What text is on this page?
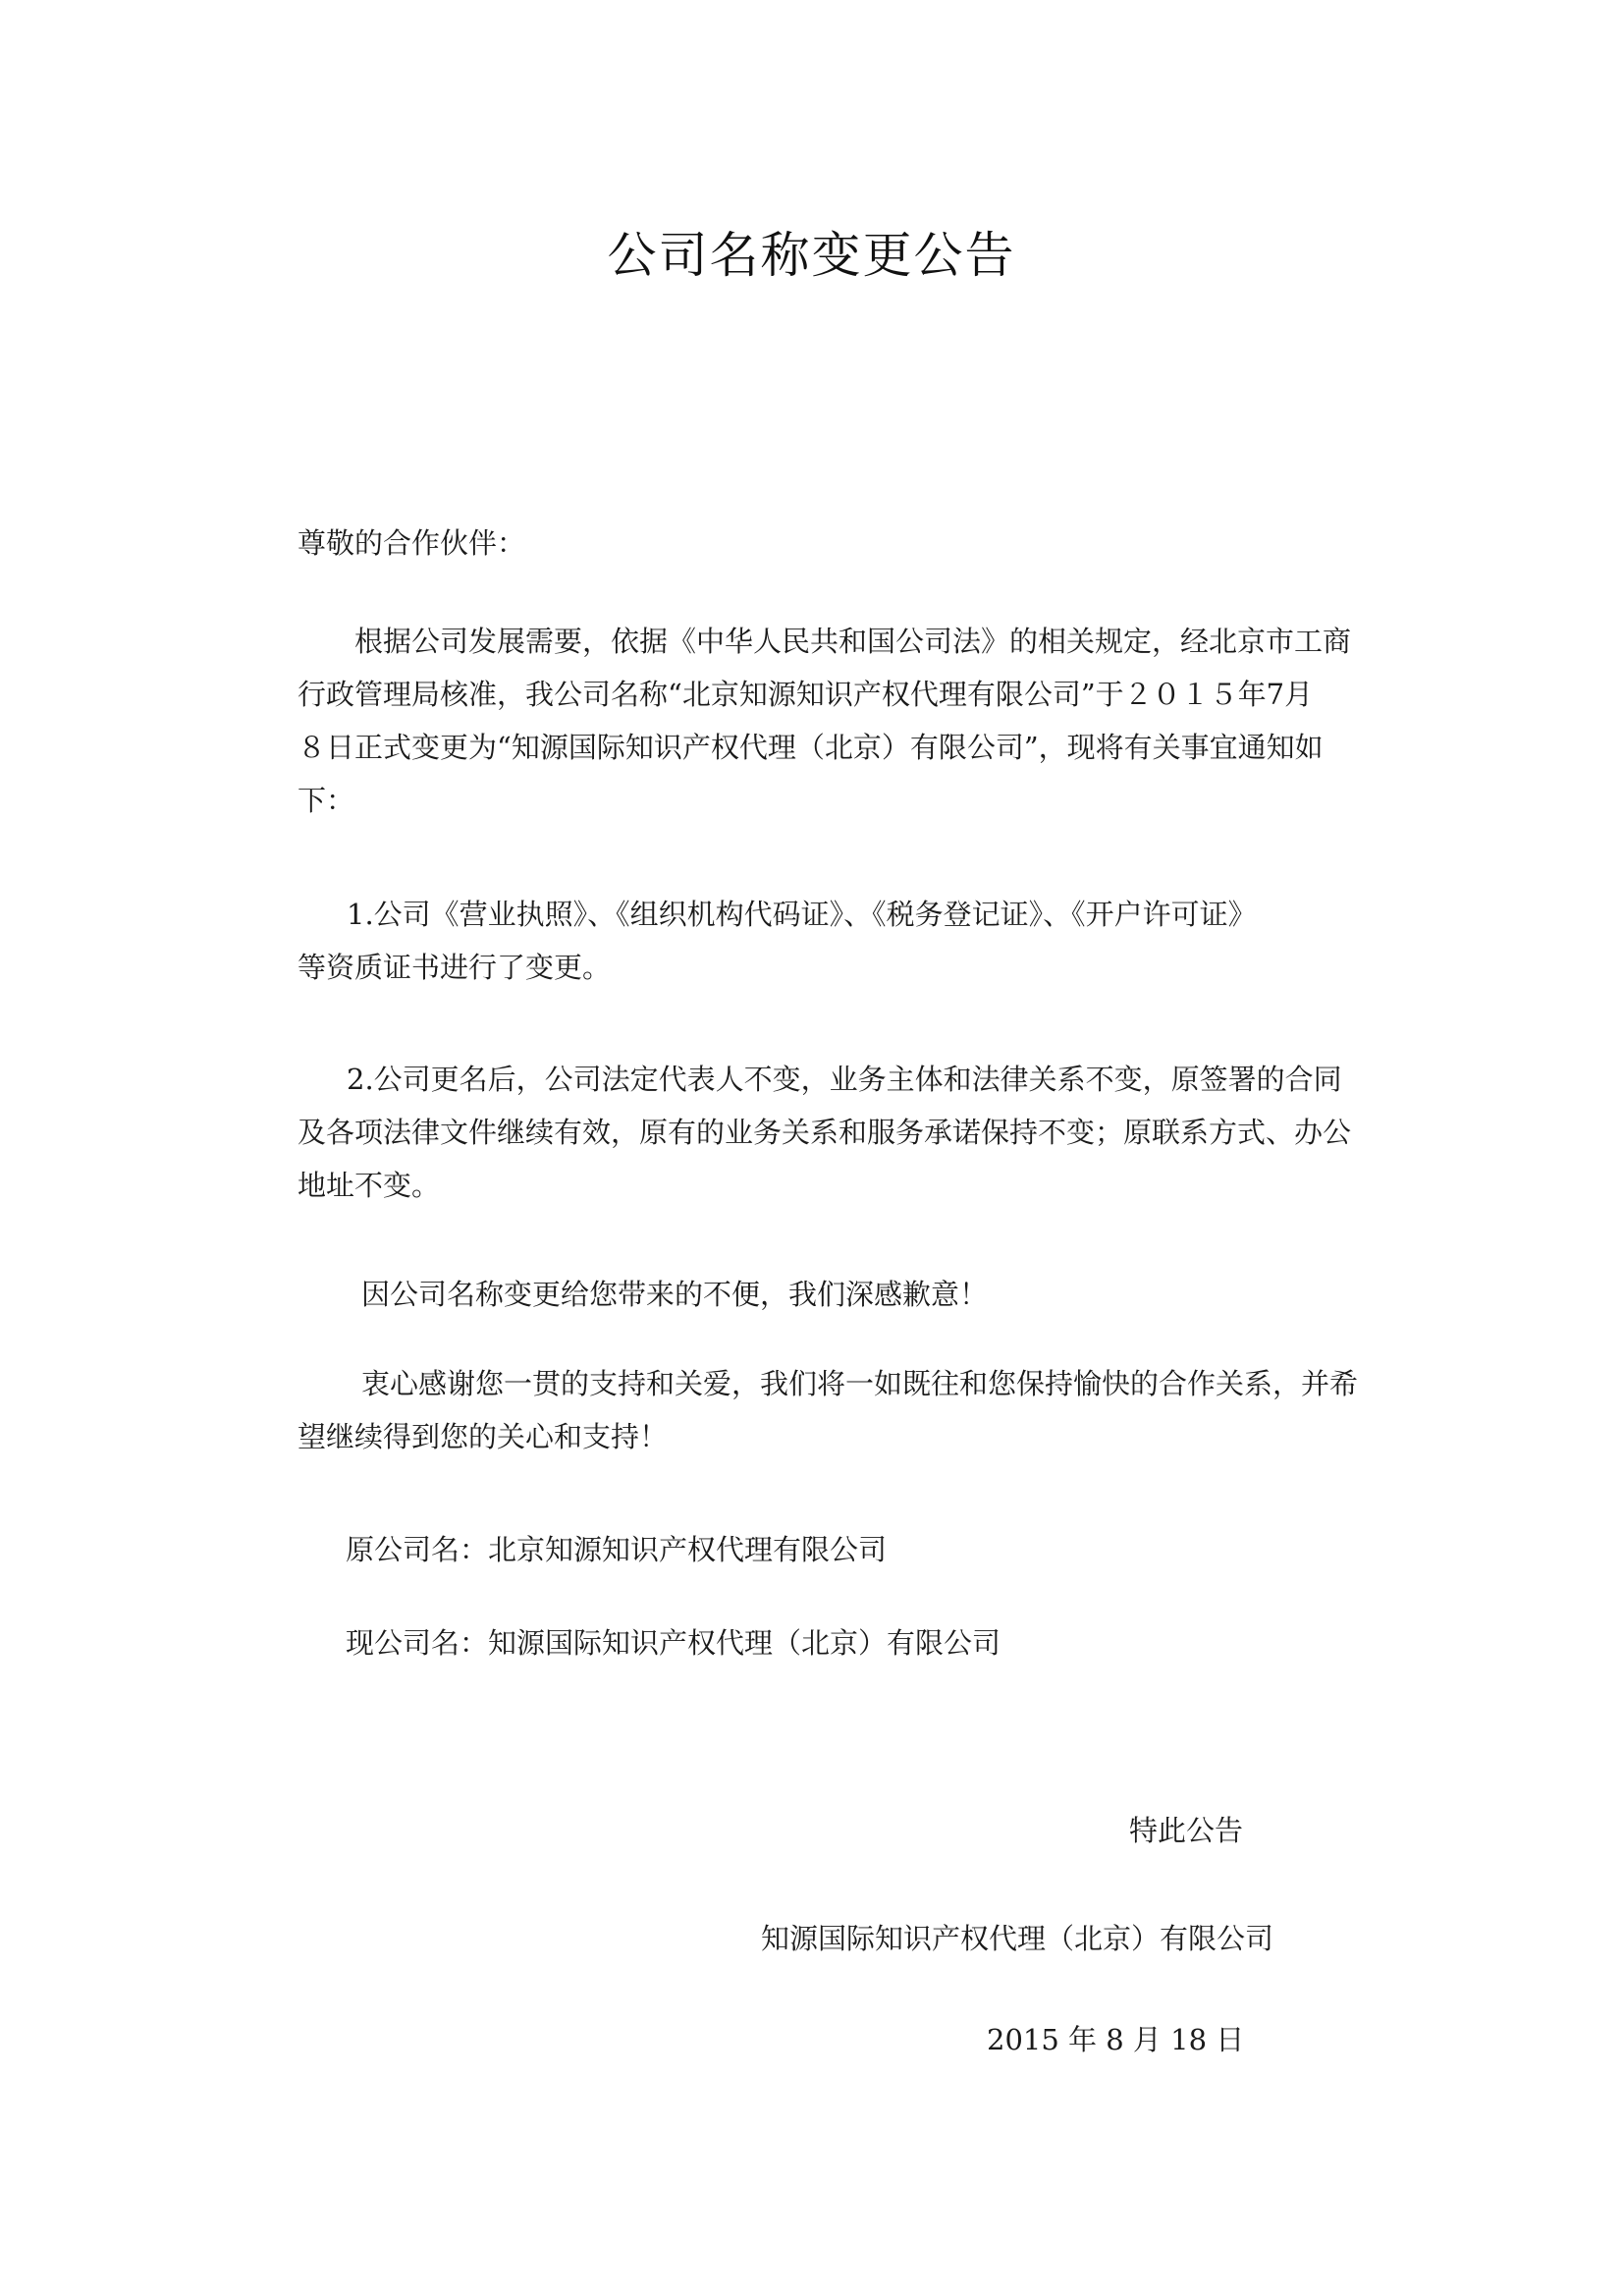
公司名称变更公告
尊敬的合作伙伴：
根据公司发展需要，依据《中华人民共和国公司法》的相关规定，经北京市工商
行政管理局核准，我公司名称“北京知源知识产权代理有限公司”于２０１５年7月
８日正式变更为“知源国际知识产权代理（北京）有限公司”，现将有关事宜通知如
下：
1.公司《营业执照》、《组织机构代码证》、《税务登记证》、《开户许可证》
等资质证书进行了变更。
2.公司更名后，公司法定代表人不变，业务主体和法律关系不变，原签署的合同
及各项法律文件继续有效，原有的业务关系和服务承诺保持不变；原联系方式、办公
地址不变。
因公司名称变更给您带来的不便，我们深感歉意！
衷心感谢您一贯的支持和关爱，我们将一如既往和您保持愉快的合作关系，并希
望继续得到您的关心和支持！
原公司名：北京知源知识产权代理有限公司
现公司名：知源国际知识产权代理（北京）有限公司
特此公告
知源国际知识产权代理（北京）有限公司
2015 年 8 月 18 日
